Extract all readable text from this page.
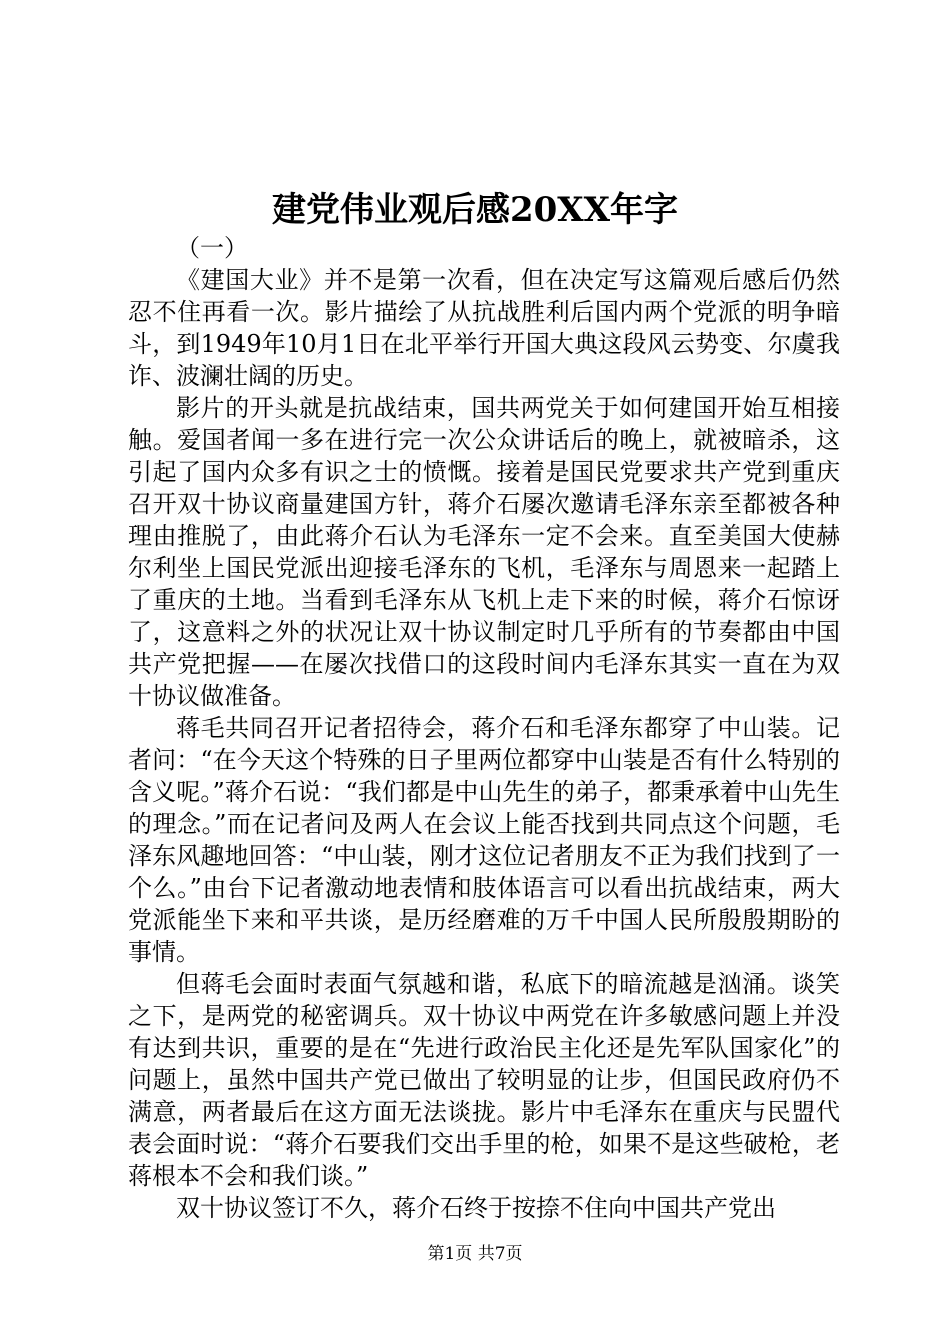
建党伟业观后感20XX年字

（一）

《建国大业》并不是第一次看，但在决定写这篇观后感后仍然忍不住再看一次。影片描绘了从抗战胜利后国内两个党派的明争暗斗，到1949年10月1日在北平举行开国大典这段风云势变、尔虞我诈、波澜壮阔的历史。

影片的开头就是抗战结束，国共两党关于如何建国开始互相接触。爱国者闻一多在进行完一次公众讲话后的晚上，就被暗杀，这引起了国内众多有识之士的愤慨。接着是国民党要求共产党到重庆召开双十协议商量建国方针，蒋介石屡次邀请毛泽东亲至都被各种理由推脱了，由此蒋介石认为毛泽东一定不会来。直至美国大使赫尔利坐上国民党派出迎接毛泽东的飞机，毛泽东与周恩来一起踏上了重庆的土地。当看到毛泽东从飞机上走下来的时候，蒋介石惊讶了，这意料之外的状况让双十协议制定时几乎所有的节奏都由中国共产党把握——在屡次找借口的这段时间内毛泽东其实一直在为双十协议做准备。

蒋毛共同召开记者招待会，蒋介石和毛泽东都穿了中山装。记者问：“在今天这个特殊的日子里两位都穿中山装是否有什么特别的含义呢。”蒋介石说：“我们都是中山先生的弟子，都秉承着中山先生的理念。”而在记者问及两人在会议上能否找到共同点这个问题，毛泽东风趣地回答：“中山装，刚才这位记者朋友不正为我们找到了一个么。”由台下记者激动地表情和肢体语言可以看出抗战结束，两大党派能坐下来和平共谈，是历经磨难的万千中国人民所殷殷期盼的事情。

但蒋毛会面时表面气氛越和谐，私底下的暗流越是汹涌。谈笑之下，是两党的秘密调兵。双十协议中两党在许多敏感问题上并没有达到共识，重要的是在“先进行政治民主化还是先军队国家化”的问题上，虽然中国共产党已做出了较明显的让步，但国民政府仍不满意，两者最后在这方面无法谈拢。影片中毛泽东在重庆与民盟代表会面时说：“蒋介石要我们交出手里的枪，如果不是这些破枪，老蒋根本不会和我们谈。”

双十协议签订不久，蒋介石终于按捺不住向中国共产党出

第1页 共7页
